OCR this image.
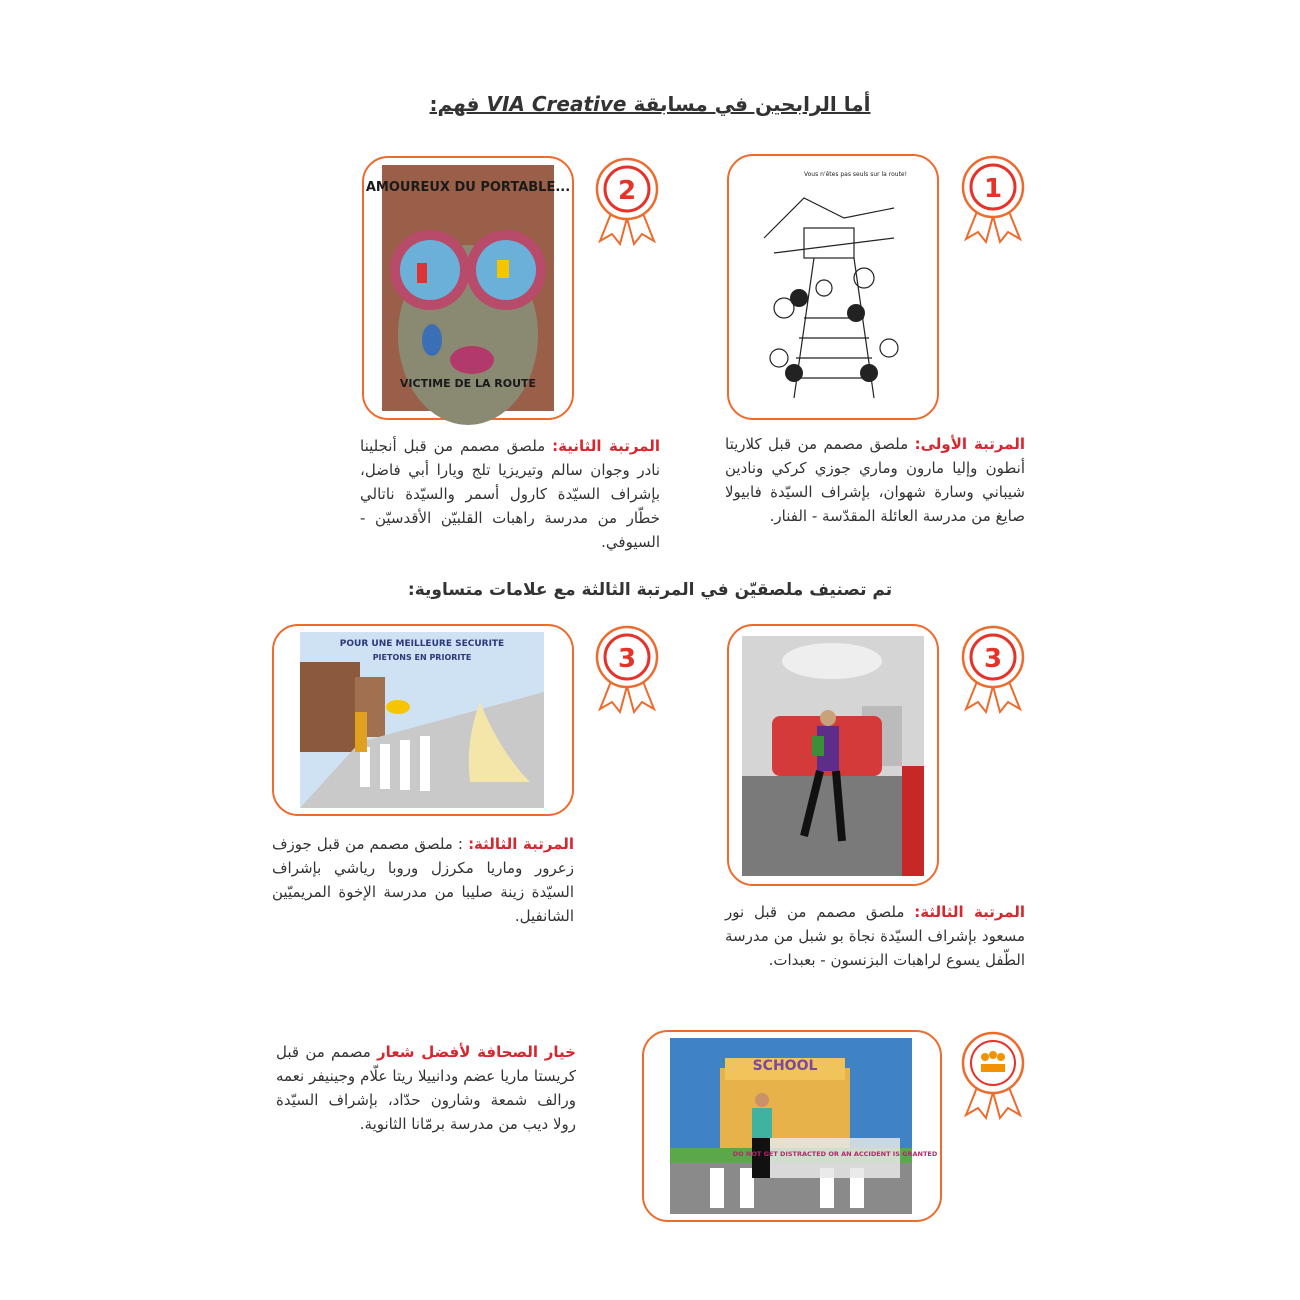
أما الرابحين في مسابقة VIA Creative فهم:
Vous n'êtes pas seuls sur la route!	1
المرتبة الأولى: ملصق مصمم من قبل كلاريتا أنطون وإليا مارون وماري جوزي كركي ونادين شيباني وسارة شهوان، بإشراف السيّدة فابيولا صايغ من مدرسة العائلة المقدّسة - الفنار.
AMOUREUX DU PORTABLE...
VICTIME DE LA ROUTE
2
المرتبة الثانية: ملصق مصمم من قبل أنجلينا نادر وجوان سالم وتيريزيا تلج ويارا أبي فاضل، بإشراف السيّدة كارول أسمر والسيّدة ناتالي خطّار من مدرسة راهبات القلبيّن الأقدسيّن - السيوفي.
تم تصنيف ملصقيّن في المرتبة الثالثة مع علامات متساوية:
3
المرتبة الثالثة: ملصق مصمم من قبل نور مسعود بإشراف السيّدة نجاة بو شبل من مدرسة الطّفل يسوع لراهبات البزنسون - بعبدات.
POUR UNE MEILLEURE SECURITE
PIETONS EN PRIORITE	3
المرتبة الثالثة: : ملصق مصمم من قبل جوزف زعرور وماريا مكرزل وروبا رياشي بإشراف السيّدة زينة صليبا من مدرسة الإخوة المريميّين الشانفيل.
SCHOOL
DO NOT GET DISTRACTED OR AN ACCIDENT IS GRANTED
خيار الصحافة لأفضل شعار مصمم من قبل كريستا ماريا عضم ودانييلا ريتا علّام وجينيفر نعمه ورالف شمعة وشارون حدّاد، بإشراف السيّدة رولا ديب من مدرسة برمّانا الثانوية.
